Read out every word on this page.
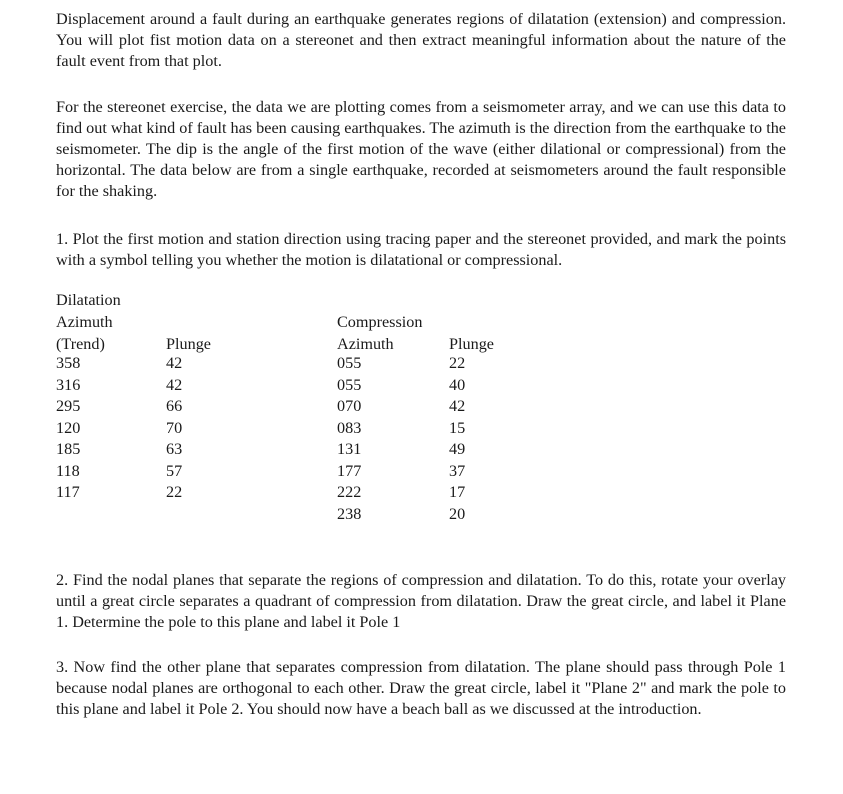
Displacement around a fault during an earthquake generates regions of dilatation (extension) and compression. You will plot fist motion data on a stereonet and then extract meaningful information about the nature of the fault event from that plot.

For the stereonet exercise, the data we are plotting comes from a seismometer array, and we can use this data to find out what kind of fault has been causing earthquakes. The azimuth is the direction from the earthquake to the seismometer. The dip is the angle of the first motion of the wave (either dilational or compressional) from the horizontal. The data below are from a single earthquake, recorded at seismometers around the fault responsible for the shaking.

1. Plot the first motion and station direction using tracing paper and the stereonet provided, and mark the points with a symbol telling you whether the motion is dilatational or compressional.

Dilatation
Azimuth
(Trend)	Plunge
Compression
Azimuth	Plunge
358
316
295
120
185
118
117
42
42
66
70
63
57
22
055
055
070
083
131
177
222
238
22
40
42
15
49
37
17
20

2. Find the nodal planes that separate the regions of compression and dilatation. To do this, rotate your overlay until a great circle separates a quadrant of compression from dilatation. Draw the great circle, and label it Plane 1. Determine the pole to this plane and label it Pole 1

3. Now find the other plane that separates compression from dilatation. The plane should pass through Pole 1 because nodal planes are orthogonal to each other. Draw the great circle, label it "Plane 2" and mark the pole to this plane and label it Pole 2. You should now have a beach ball as we discussed at the introduction.
